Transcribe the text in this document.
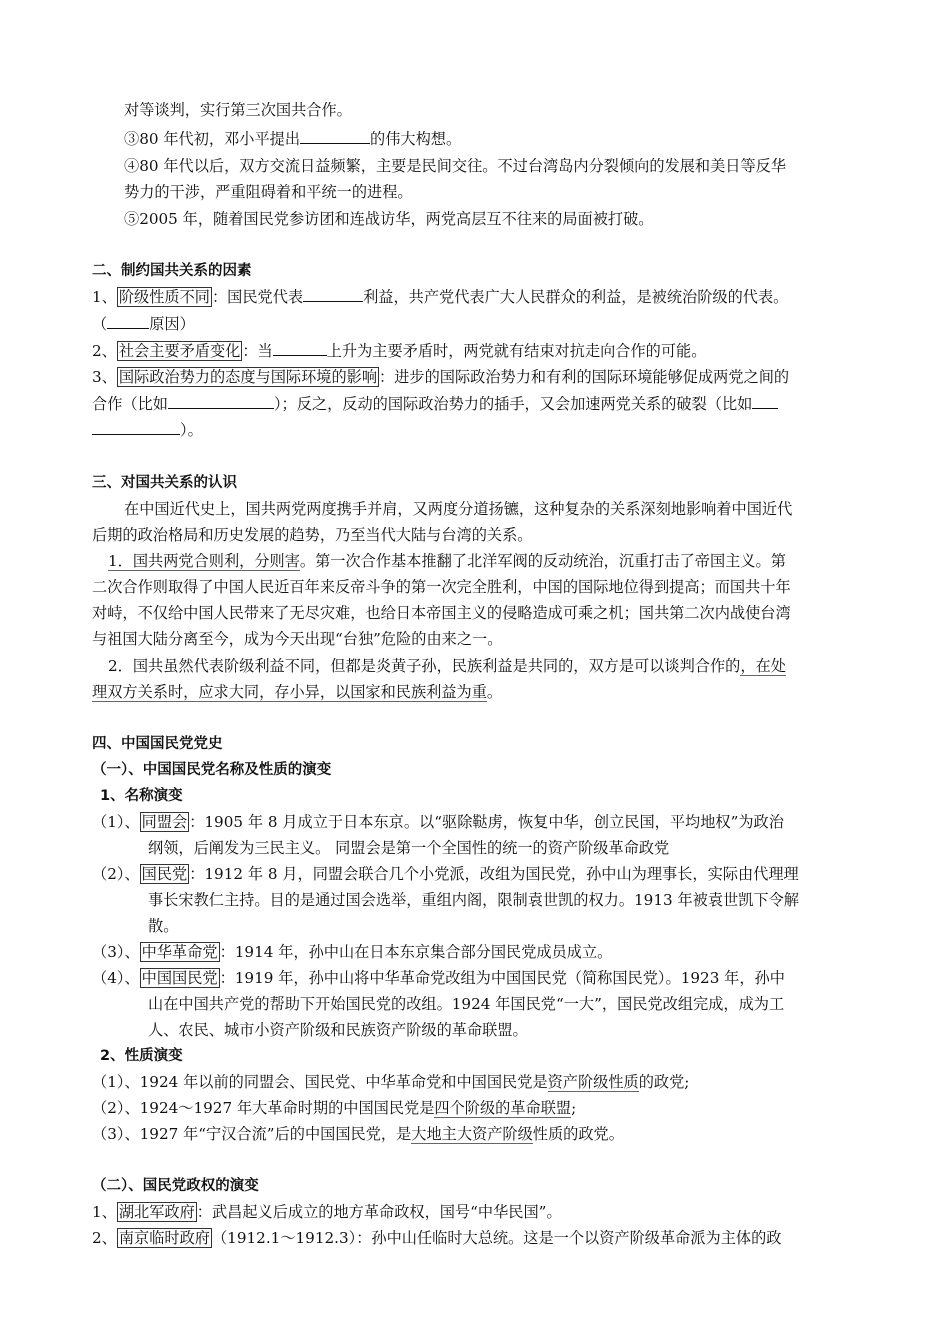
对等谈判，实行第三次国共合作。
③80 年代初，邓小平提出	的伟大构想。
④80 年代以后，双方交流日益频繁，主要是民间交往。不过台湾岛内分裂倾向的发展和美日等反华
势力的干涉，严重阻碍着和平统一的进程。
⑤2005 年，随着国民党参访团和连战访华，两党高层互不往来的局面被打破。
二、制约国共关系的因素
1、 阶级性质不同 ：国民党代表	利益，共产党代表广大人民群众的利益，是被统治阶级的代表。
（	原因）
2、 社会主要矛盾变化 ：当	上升为主要矛盾时，两党就有结束对抗走向合作的可能。
3、 国际政治势力的态度与国际环境的影响 ：进步的国际政治势力和有利的国际环境能够促成两党之间的
合作（比如	）；反之，反动的国际政治势力的插手，又会加速两党关系的破裂（比如
）。
三、对国共关系的认识
在中国近代史上，国共两党两度携手并肩，又两度分道扬镳，这种复杂的关系深刻地影响着中国近代
后期的政治格局和历史发展的趋势，乃至当代大陆与台湾的关系。
1．国共两党合则利，分则害。第一次合作基本推翻了北洋军阀的反动统治，沉重打击了帝国主义。第
二次合作则取得了中国人民近百年来反帝斗争的第一次完全胜利，中国的国际地位得到提高；而国共十年
对峙，不仅给中国人民带来了无尽灾难，也给日本帝国主义的侵略造成可乘之机；国共第二次内战使台湾
与祖国大陆分离至今，成为今天出现“台独”危险的由来之一。
2．国共虽然代表阶级利益不同，但都是炎黄子孙，民族利益是共同的，双方是可以谈判合作的，在处
理双方关系时，应求大同，存小异，以国家和民族利益为重。
四、中国国民党党史
（一）、中国国民党名称及性质的演变
1、名称演变
（1）、 同盟会 ：1905 年 8 月成立于日本东京。以“驱除鞑虏，恢复中华，创立民国，平均地权”为政治
纲领，后阐发为三民主义。 同盟会是第一个全国性的统一的资产阶级革命政党
（2）、 国民党 ：1912 年 8 月，同盟会联合几个小党派，改组为国民党，孙中山为理事长，实际由代理理
事长宋教仁主持。目的是通过国会选举，重组内阁，限制袁世凯的权力。1913 年被袁世凯下令解
散。
（3）、 中华革命党 ：1914 年，孙中山在日本东京集合部分国民党成员成立。
（4）、 中国国民党 ：1919 年，孙中山将中华革命党改组为中国国民党（简称国民党）。1923 年，孙中
山在中国共产党的帮助下开始国民党的改组。1924 年国民党“一大”，国民党改组完成，成为工
人、农民、城市小资产阶级和民族资产阶级的革命联盟。
2、性质演变
（1）、1924 年以前的同盟会、国民党、中华革命党和中国国民党是资产阶级性质的政党;
（2）、1924～1927 年大革命时期的中国国民党是四个阶级的革命联盟;
（3）、1927 年“宁汉合流”后的中国国民党，是大地主大资产阶级性质的政党。
（二）、国民党政权的演变
1、 湖北军政府 ：武昌起义后成立的地方革命政权，国号“中华民国”。
2、 南京临时政府 （1912.1～1912.3）：孙中山任临时大总统。这是一个以资产阶级革命派为主体的政
